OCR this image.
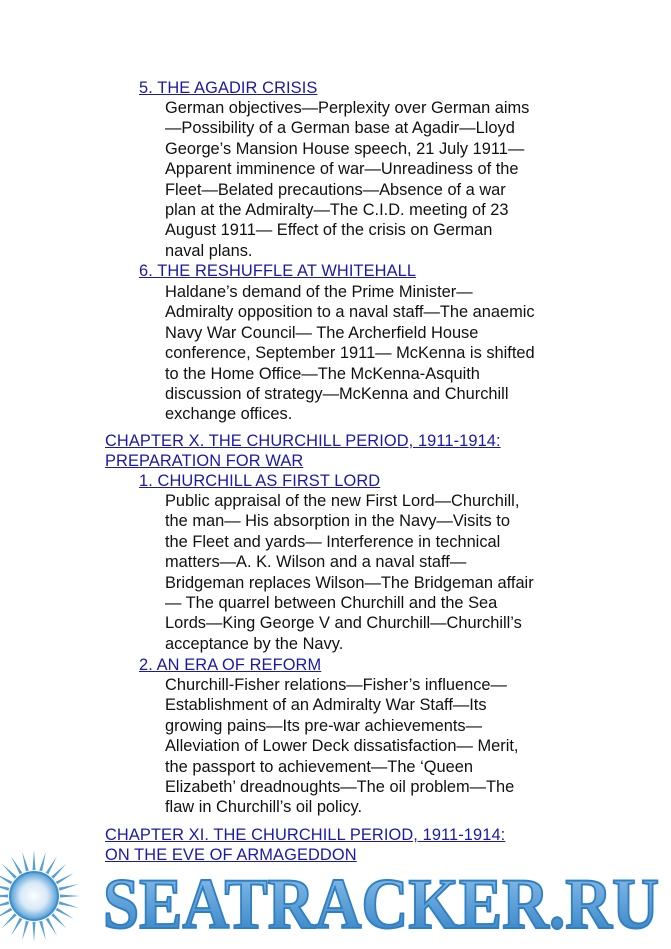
5. THE AGADIR CRISIS
German objectives—Perplexity over German aims
—Possibility of a German base at Agadir—Lloyd
George’s Mansion House speech, 21 July 1911—
Apparent imminence of war—Unreadiness of the
Fleet—Belated precautions—Absence of a war
plan at the Admiralty—The C.I.D. meeting of 23
August 1911— Effect of the crisis on German
naval plans.
6. THE RESHUFFLE AT WHITEHALL
Haldane’s demand of the Prime Minister—
Admiralty opposition to a naval staff—The anaemic
Navy War Council— The Archerfield House
conference, September 1911— McKenna is shifted
to the Home Office—The McKenna-Asquith
discussion of strategy—McKenna and Churchill
exchange offices.
CHAPTER X. THE CHURCHILL PERIOD, 1911-1914:
PREPARATION FOR WAR
1. CHURCHILL AS FIRST LORD
Public appraisal of the new First Lord—Churchill,
the man— His absorption in the Navy—Visits to
the Fleet and yards— Interference in technical
matters—A. K. Wilson and a naval staff—
Bridgeman replaces Wilson—The Bridgeman affair
— The quarrel between Churchill and the Sea
Lords—King George V and Churchill—Churchill’s
acceptance by the Navy.
2. AN ERA OF REFORM
Churchill-Fisher relations—Fisher’s influence—
Establishment of an Admiralty War Staff—Its
growing pains—Its pre-war achievements—
Alleviation of Lower Deck dissatisfaction— Merit,
the passport to achievement—The ‘Queen
Elizabeth’ dreadnoughts—The oil problem—The
flaw in Churchill’s oil policy.
CHAPTER XI. THE CHURCHILL PERIOD, 1911-1914:
ON THE EVE OF ARMAGEDDON
SEATRACKER.RU
